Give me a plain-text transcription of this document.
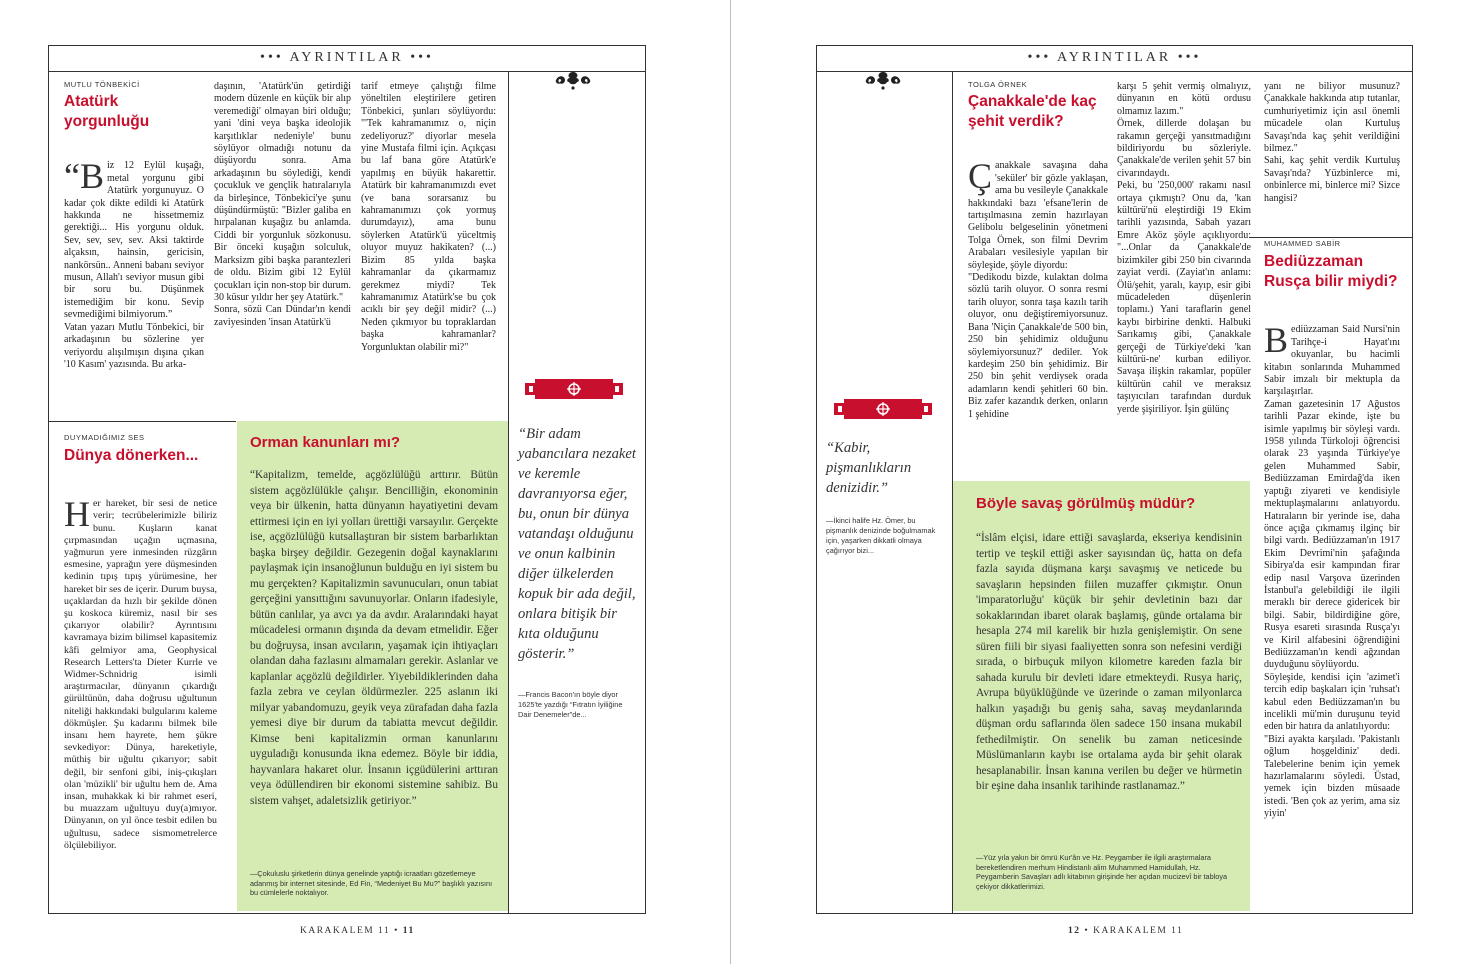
••• AYRINTILAR •••
MUTLU TÖNBEKİCİ
Atatürk yorgunluğu

“Biz 12 Eylül kuşağı, metal yorgunu gibi Atatürk yorgunuyuz. O kadar çok dikte edildi ki Atatürk hakkında ne hissetmemiz gerektiği... His yorgunu olduk. Sev, sev, sev, sev. Aksi taktirde alçaksın, hainsin, gericisin, nankörsün.. Anneni babanı seviyor musun, Allah'ı seviyor musun gibi bir soru bu. Düşünmek istemediğim bir konu. Sevip sevmediğimi bilmiyorum.”
Vatan yazarı Mutlu Tönbekici, bir arkadaşının bu sözlerine yer veriyordu alışılmışın dışına çıkan '10 Kasım' yazısında. Bu arka-

daşının, 'Atatürk'ün getirdiği modern düzenle en küçük bir alıp veremediği' olmayan biri olduğu; yani 'dini veya başka ideolojik karşıtlıklar nedeniyle' bunu söylüyor olmadığı notunu da düşüyordu sonra. Ama arkadaşının bu söylediği, kendi çocukluk ve gençlik hatıralarıyla da birleşince, Tönbekici'ye şunu düşündürmüştü: "Bizler galiba en hırpalanan kuşağız bu anlamda. Ciddi bir yorgunluk sözkonusu. Bir önceki kuşağın solculuk, Marksizm gibi başka parantezleri de oldu. Bizim gibi 12 Eylül çocukları için non-stop bir durum. 30 küsur yıldır her şey Atatürk."
Sonra, sözü Can Dündar'ın kendi zaviyesinden 'insan Atatürk'ü
tarif etmeye çalıştığı filme yöneltilen eleştirilere getiren Tönbekici, şunları söylüyordu: "'Tek kahramanımız o, niçin zedeliyoruz?' diyorlar mesela yine Mustafa filmi için. Açıkçası bu laf bana göre Atatürk'e yapılmış en büyük hakarettir. Atatürk bir kahramanımızdı evet (ve bana sorarsanız bu kahramanımızı çok yormuş durumdayız), ama bunu söylerken Atatürk'ü yüceltmiş oluyor muyuz hakikaten? (...) Bizim 85 yılda başka kahramanlar da çıkarmamız gerekmez miydi? Tek kahramanımız Atatürk'se bu çok acıklı bir şey değil midir? (...) Neden çıkmıyor bu topraklardan başka kahramanlar? Yorgunluktan olabilir mi?"
DUYMADIĞIMIZ SES
Dünya dönerken...

Her hareket, bir sesi de netice verir; tecrübelerimizle biliriz bunu. Kuşların kanat çırpmasından uçağın uçmasına, yağmurun yere inmesinden rüzgârın esmesine, yaprağın yere düşmesinden kedinin tıpış tıpış yürümesine, her hareket bir ses de içerir. Durum buysa, uçaklardan da hızlı bir şekilde dönen şu koskoca küremiz, nasıl bir ses çıkarıyor olabilir? Ayrıntısını kavramaya bizim bilimsel kapasitemiz kâfi gelmiyor ama, Geophysical Research Letters'ta Dieter Kurrle ve Widmer-Schnidrig isimli araştırmacılar, dünyanın çıkardığı gürültünün, daha doğrusu uğultunun niteliği hakkındaki bulgularını kaleme dökmüşler. Şu kadarını bilmek bile insanı hem hayrete, hem şükre sevkediyor: Dünya, hareketiyle, müthiş bir uğultu çıkarıyor; sabit değil, bir senfoni gibi, iniş-çıkışları olan 'müzikli' bir uğultu hem de. Ama insan, muhakkak ki bir rahmet eseri, bu muazzam uğultuyu duy(a)mıyor. Dünyanın, on yıl önce tesbit edilen bu uğultusu, sadece sismometrelerce ölçülebiliyor.

Orman kanunları mı?
“Kapitalizm, temelde, açgözlülüğü arttırır. Bütün sistem açgözlülükle çalışır. Bencilliğin, ekonominin veya bir ülkenin, hatta dünyanın hayatiyetini devam ettirmesi için en iyi yolları ürettiği varsayılır. Gerçekte ise, açgözlülüğü kutsallaştıran bir sistem barbarlıktan başka birşey değildir. Gezegenin doğal kaynaklarını paylaşmak için insanoğlunun bulduğu en iyi sistem bu mu gerçekten? Kapitalizmin savunucuları, onun tabiat gerçeğini yansıttığını savunuyorlar. Onların ifadesiyle, bütün canlılar, ya avcı ya da avdır. Aralarındaki hayat mücadelesi ormanın dışında da devam etmelidir. Eğer bu doğruysa, insan avcıların, yaşamak için ihtiyaçları olandan daha fazlasını almamaları gerekir. Aslanlar ve kaplanlar açgözlü değildirler. Yiyebildiklerinden daha fazla zebra ve ceylan öldürmezler. 225 aslanın iki milyar yabandomuzu, geyik veya zürafadan daha fazla yemesi diye bir durum da tabiatta mevcut değildir. Kimse beni kapitalizmin orman kanunlarını uyguladığı konusunda ikna edemez. Böyle bir iddia, hayvanlara hakaret olur. İnsanın içgüdülerini arttıran veya ödüllendiren bir ekonomi sistemine sahibiz. Bu sistem vahşet, adaletsizlik getiriyor.”
—Çokuluslu şirketlerin dünya genelinde yaptığı icraatları gözetlemeye adanmış bir internet sitesinde, Ed Fin, “Medeniyet Bu Mu?” başlıklı yazısını bu cümlelerle noktalıyor.
“Bir adam yabancılara nezaket ve keremle davranıyorsa eğer, bu, onun bir dünya vatandaşı olduğunu ve onun kalbinin diğer ülkelerden kopuk bir ada değil, onlara bitişik bir kıta olduğunu gösterir.”
—Francis Bacon'ın böyle diyor 1625'te yazdığı “Fıtratın İyiliğine Dair Denemeler”de...
KARAKALEM 11 • 11
••• AYRINTILAR •••
“Kabir, pişmanlıkların denizidir.”
—İkinci halife Hz. Ömer, bu pişmanlık denizinde boğulmamak için, yaşarken dikkatli olmaya çağırıyor bizi...
TOLGA ÖRNEK
Çanakkale'de kaç şehit verdik?

Çanakkale savaşına daha 'seküler' bir gözle yaklaşan, ama bu vesileyle Çanakkale hakkındaki bazı 'efsane'lerin de tartışılmasına zemin hazırlayan Gelibolu belgeselinin yönetmeni Tolga Örnek, son filmi Devrim Arabaları vesilesiyle yapılan bir söyleşide, şöyle diyordu:
"Dedikodu bizde, kulaktan dolma sözlü tarih oluyor. O sonra resmi tarih oluyor, sonra taşa kazılı tarih oluyor, onu değiştiremiyorsunuz. Bana 'Niçin Çanakkale'de 500 bin, 250 bin şehidimiz olduğunu söylemiyorsunuz?' dediler. Yok kardeşim 250 bin şehidimiz. Bir 250 bin şehit verdiysek orada adamların kendi şehitleri 60 bin. Biz zafer kazandık derken, onların 1 şehidine

karşı 5 şehit vermiş olmalıyız, dünyanın en kötü ordusu olmamız lazım."
Örnek, dillerde dolaşan bu rakamın gerçeği yansıtmadığını bildiriyordu bu sözleriyle. Çanakkale'de verilen şehit 57 bin civarındaydı.
Peki, bu '250,000' rakamı nasıl ortaya çıkmıştı? Onu da, 'kan kültürü'nü eleştirdiği 19 Ekim tarihli yazısında, Sabah yazarı Emre Aköz şöyle açıklıyordu: "...Onlar da Çanakkale'de bizimkiler gibi 250 bin civarında zayiat verdi. (Zayiat'ın anlamı: Ölü/şehit, yaralı, kayıp, esir gibi mücadeleden düşenlerin toplamı.) Yani taraflarin genel kaybı birbirine denkti. Halbuki Sarıkamış gibi, Çanakkale gerçeği de Türkiye'deki 'kan kültürü-ne' kurban ediliyor. Savaşa ilişkin rakamlar, popüler kültürün cahil ve meraksız taşıyıcıları tarafından durduk yerde şişiriliyor. İşin gülünç
yanı ne biliyor musunuz? Çanakkale hakkında atıp tutanlar, cumhuriyetimiz için asıl önemli mücadele olan Kurtuluş Savaşı'nda kaç şehit verildiğini bilmez."
Sahi, kaç şehit verdik Kurtuluş Savaşı'nda? Yüzbinlerce mi, onbinlerce mi, binlerce mi? Sizce hangisi?
MUHAMMED SABİR
Bediüzzaman Rusça bilir miydi?

Bediüzzaman Said Nursi'nin Tarihçe-i Hayat'ını okuyanlar, bu hacimli kitabın sonlarında Muhammed Sabir imzalı bir mektupla da karşılaşırlar.
Zaman gazetesinin 17 Ağustos tarihli Pazar ekinde, işte bu isimle yapılmış bir söyleşi vardı. 1958 yılında Türkoloji öğrencisi olarak 23 yaşında Türkiye'ye gelen Muhammed Sabir, Bediüzzaman Emirdağ'da iken yaptığı ziyareti ve kendisiyle mektuplaşmalarını anlatıyordu. Hatıraların bir yerinde ise, daha önce açığa çıkmamış ilginç bir bilgi vardı. Bediüzzaman'ın 1917 Ekim Devrimi'nin şafağında Sibirya'da esir kampından firar edip nasıl Varşova üzerinden İstanbul'a gelebildiği ile ilgili meraklı bir derece gidericek bir bilgi. Sabir, bildirdiğine göre, Rusya esareti sırasında Rusça'yı ve Kiril alfabesini öğrendiğini Bediüzzaman'ın kendi ağzından duyduğunu söylüyordu.
Söyleşide, kendisi için 'azimet'i tercih edip başkaları için 'ruhsat'ı kabul eden Bediüzzaman'ın bu incelikli mü'min duruşunu teyid eden bir hatıra da anlatılıyordu:
"Bizi ayakta karşıladı. 'Pakistanlı oğlum hoşgeldiniz' dedi. Talebelerine benim için yemek hazırlamalarını söyledi. Üstad, yemek için bizden müsaade istedi. 'Ben çok az yerim, ama siz yiyin'

Böyle savaş görülmüş müdür?
“İslâm elçisi, idare ettiği savaşlarda, ekseriya kendisinin tertip ve teşkil ettiği asker sayısından üç, hatta on defa fazla sayıda düşmana karşı savaşmış ve neticede bu savaşların hepsinden fiilen muzaffer çıkmıştır. Onun 'imparatorluğu' küçük bir şehir devletinin bazı dar sokaklarından ibaret olarak başlamış, günde ortalama bir hesapla 274 mil karelik bir hızla genişlemiştir. On sene süren fiili bir siyasi faaliyetten sonra son nefesini verdiği sırada, o birbuçuk milyon kilometre kareden fazla bir sahada kurulu bir devleti idare etmekteydi. Rusya hariç, Avrupa büyüklüğünde ve üzerinde o zaman milyonlarca halkın yaşadığı bu geniş saha, savaş meydanlarında düşman ordu saflarında ölen sadece 150 insana mukabil fethedilmiştir. On senelik bu zaman neticesinde Müslümanların kaybı ise ortalama ayda bir şehit olarak hesaplanabilir. İnsan kanına verilen bu değer ve hürmetin bir eşine daha insanlık tarihinde rastlanamaz.”
—Yüz yıla yakın bir ömrü Kur'ân ve Hz. Peygamber ile ilgili araştırmalara bereketlendiren merhum Hindistanlı alim Muhammed Hamidullah, Hz. Peygamberin Savaşları adlı kitabının girişinde her açıdan mucizevî bir tabloya çekiyor dikkatlerimizi.
12 • KARAKALEM 11
